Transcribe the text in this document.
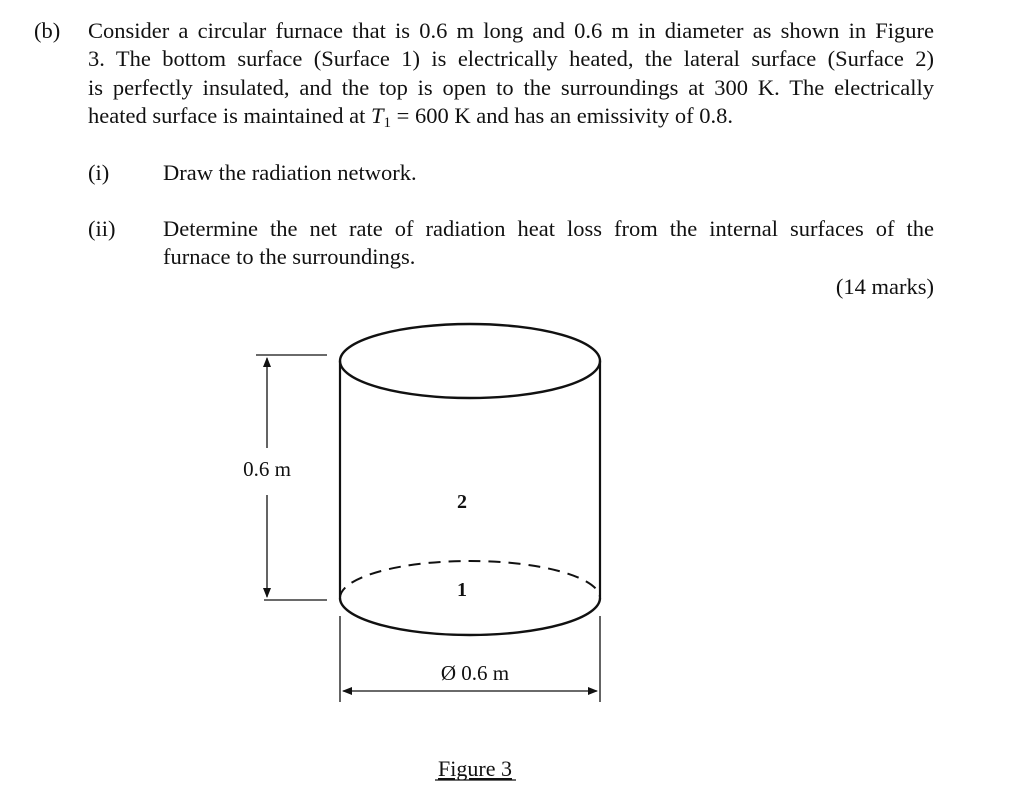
(b) Consider a circular furnace that is 0.6 m long and 0.6 m in diameter as shown in Figure
3. The bottom surface (Surface 1) is electrically heated, the lateral surface (Surface 2)
is perfectly insulated, and the top is open to the surroundings at 300 K. The electrically
heated surface is maintained at $T_1 = 600$ K and has an emissivity of 0.8.
(i) Draw the radiation network.
(ii) Determine the net rate of radiation heat loss from the internal surfaces of the
furnace to the surroundings.
(14 marks)
0.6 m
2
1
Ø 0.6 m
Figure 3
